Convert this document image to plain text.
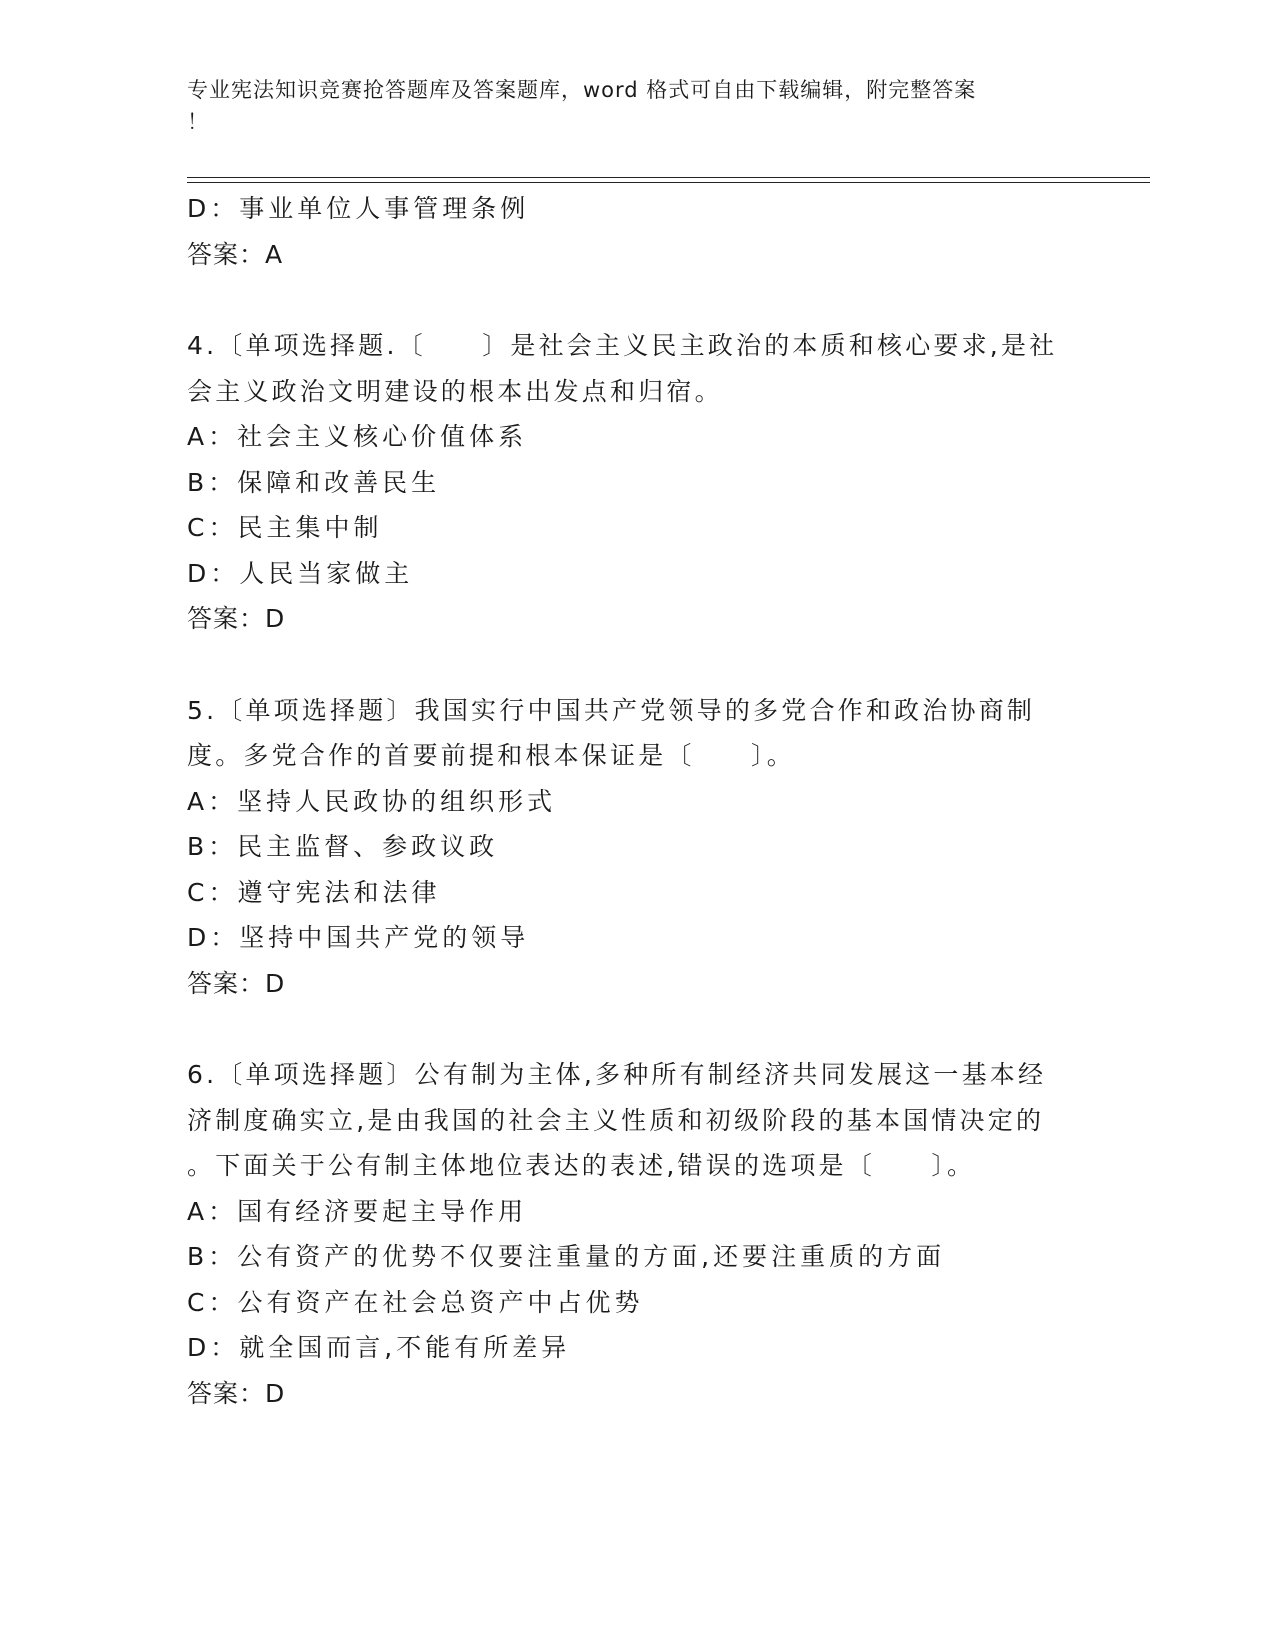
专业宪法知识竞赛抢答题库及答案题库，word 格式可自由下载编辑，附完整答案
！
D：事业单位人事管理条例
答案：A
4.〔单项选择题.〔　　〕是社会主义民主政治的本质和核心要求,是社
会主义政治文明建设的根本出发点和归宿。
A：社会主义核心价值体系
B：保障和改善民生
C：民主集中制
D：人民当家做主
答案：D
5.〔单项选择题〕我国实行中国共产党领导的多党合作和政治协商制
度。多党合作的首要前提和根本保证是〔　　〕。
A：坚持人民政协的组织形式
B：民主监督、参政议政
C：遵守宪法和法律
D：坚持中国共产党的领导
答案：D
6.〔单项选择题〕公有制为主体,多种所有制经济共同发展这一基本经
济制度确实立,是由我国的社会主义性质和初级阶段的基本国情决定的
。下面关于公有制主体地位表达的表述,错误的选项是〔　　〕。
A：国有经济要起主导作用
B：公有资产的优势不仅要注重量的方面,还要注重质的方面
C：公有资产在社会总资产中占优势
D：就全国而言,不能有所差异
答案：D
